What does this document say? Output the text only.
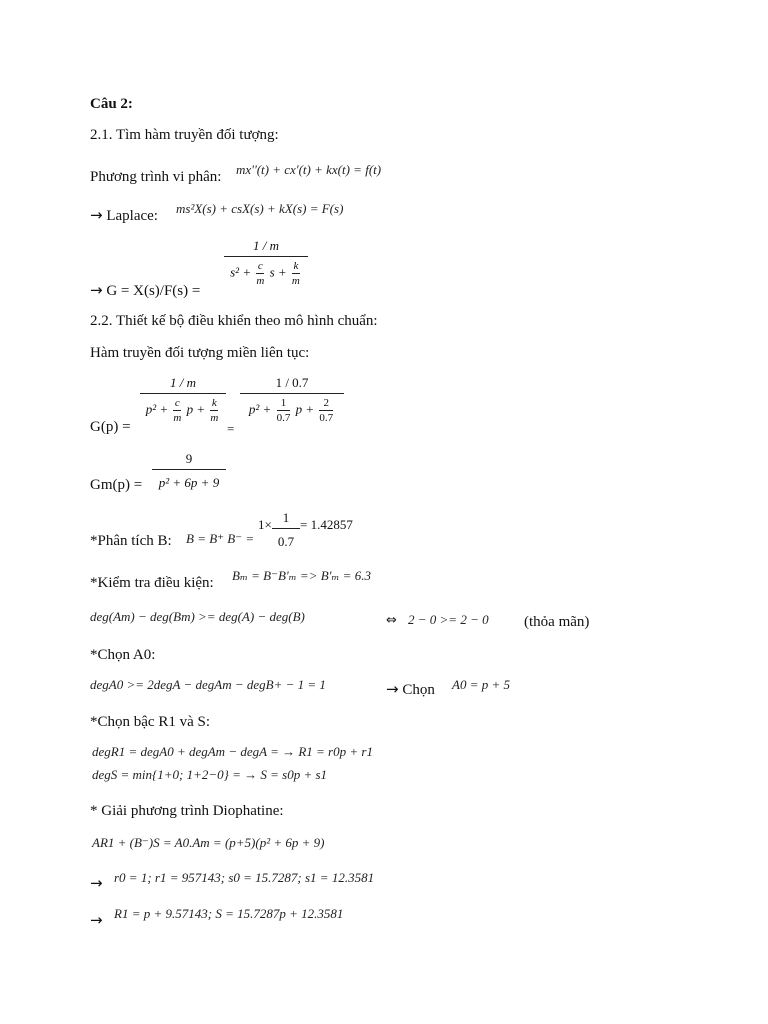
Câu 2:
2.1. Tìm hàm truyền đối tượng:
Phương trình vi phân: mx''(t) + cx'(t) + kx(t) = f(t)
→ Laplace: ms²X(s) + csX(s) + kX(s) = F(s)
→ G = X(s)/F(s) =
1 / m
$s^2 + \frac{c}{m}$ $s + \frac{k}{m}$
2.2. Thiết kế bộ điều khiển theo mô hình chuẩn:
Hàm truyền đối tượng miền liên tục:
G(p) =
1 / m
$p^2 + \frac{c}{m}$ $p + \frac{k}{m}$
=
1 / 0.7
$p^2 + \frac{1}{0.7}$ $p + \frac{2}{0.7}$
Gm(p) =
9
p² + 6p + 9
*Phân tích B: B = B⁺ B⁻ =
1× 1
0.7
= 1.42857
*Kiểm tra điều kiện: Bₘ = B⁻B'ₘ => B'ₘ = 6.3
deg(Am) − deg(Bm) >= deg(A) − deg(B)	⇔ 2 − 0 >= 2 − 0 (thỏa mãn)
*Chọn A0:
degA0 >= 2degA − degAm − degB+ − 1 = 1	→ Chọn A0 = p + 5
*Chọn bậc R1 và S:
degR1 = degA0 + degAm − degA = → R1 = r0p + r1
degS = min{1+0; 1+2−0} = → S = s0p + s1
* Giải phương trình Diophatine:
AR1 + (B⁻)S = A0.Am = (p+5)(p² + 6p + 9)
→ r0 = 1; r1 = 957143; s0 = 15.7287; s1 = 12.3581
→ R1 = p + 9.57143; S = 15.7287p + 12.3581
